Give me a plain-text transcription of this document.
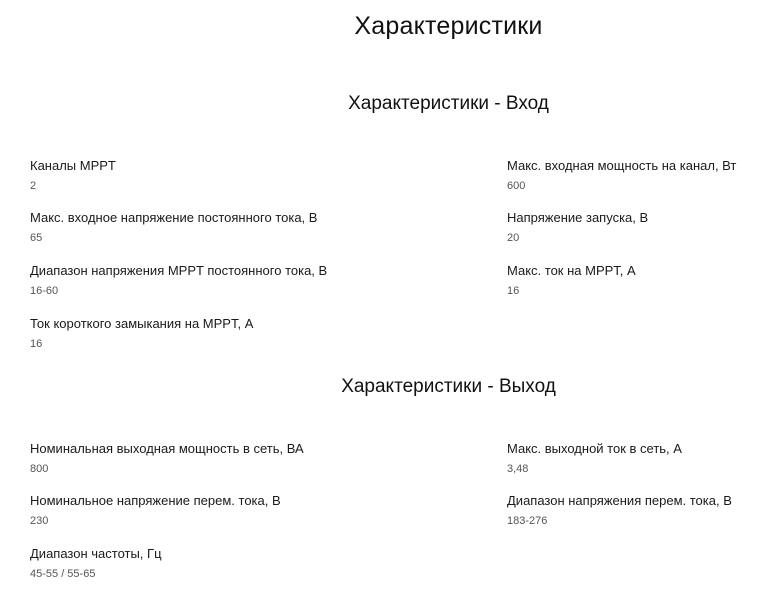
Характеристики
Характеристики - Вход
Каналы MPPT
2
Макс. входное напряжение постоянного тока, В
65
Диапазон напряжения MPPT постоянного тока, В
16-60
Ток короткого замыкания на MPPT, А
16
Макс. входная мощность на канал, Вт
600
Напряжение запуска, В
20
Макс. ток на MPPT, А
16
Характеристики - Выход
Номинальная выходная мощность в сеть, ВА
800
Номинальное напряжение перем. тока, В
230
Диапазон частоты, Гц
45-55 / 55-65
Макс. выходной ток в сеть, А
3,48
Диапазон напряжения перем. тока, В
183-276
